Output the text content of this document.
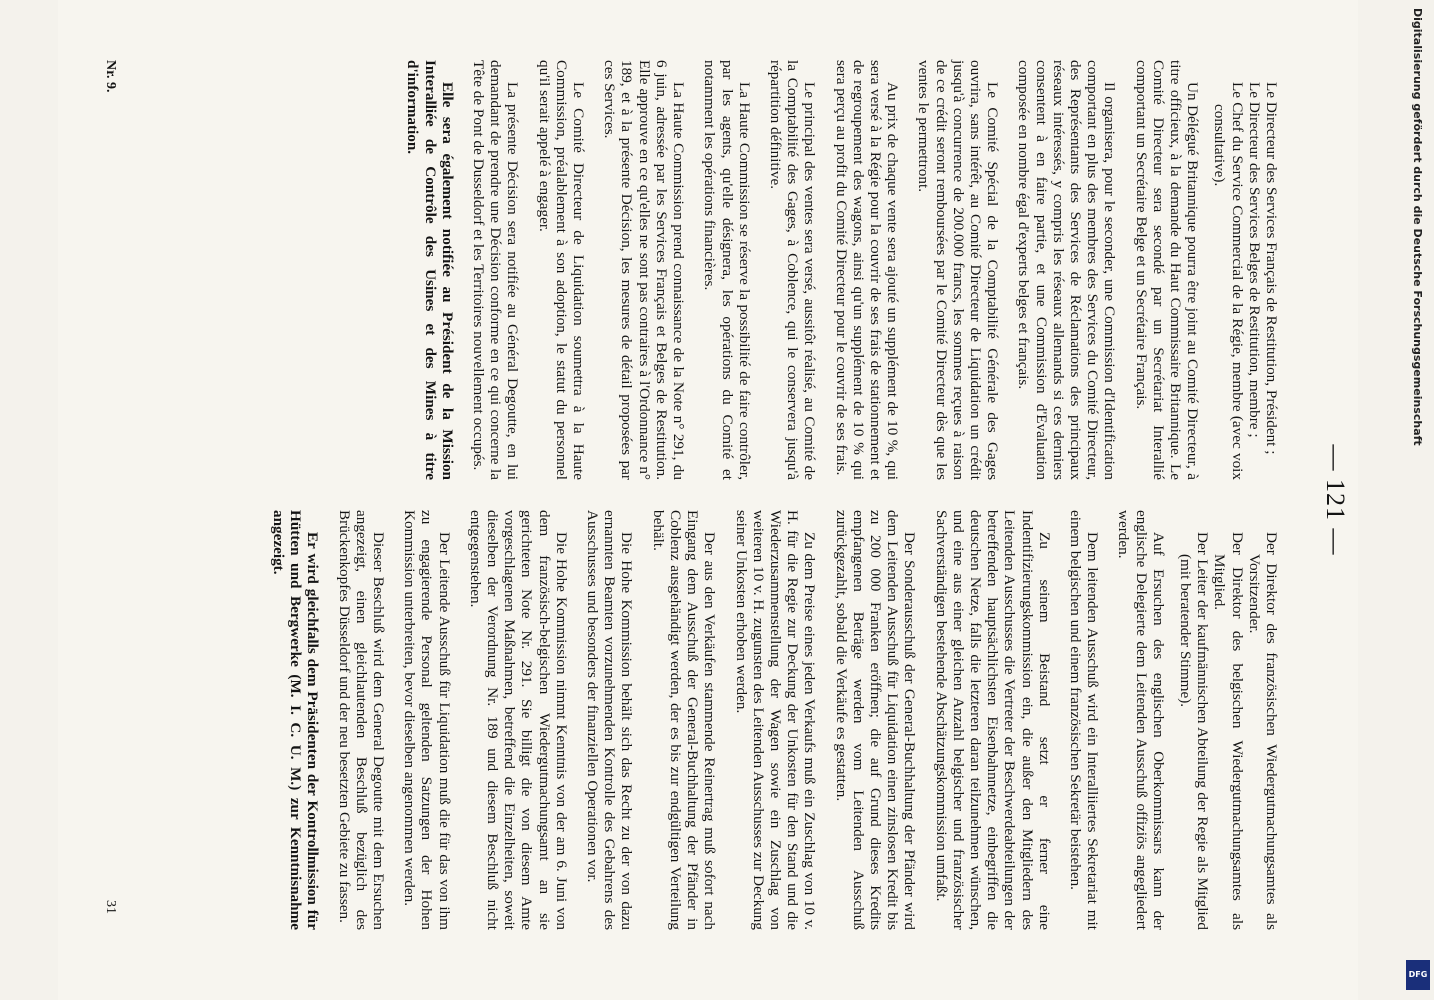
— 121 —

Le Directeur des Services Français de Restitution, Président ;

Le Directeur des Services Belges de Restitution, membre ;

Le Chef du Service Commercial de la Régie, membre (avec voix consultative).

Un Délégué Britannique pourra être joint au Comité Directeur, à titre officieux, à la demande du Haut Commissaire Britannique. Le Comité Directeur sera secondé par un Secrétariat Interallié comportant un Secrétaire Belge et un Secrétaire Français.

Il organisera, pour le seconder, une Commission d'Identification comportant en plus des membres des Services du Comité Directeur, des Représentants des Services de Réclamations des principaux réseaux intéressés, y compris les réseaux allemands si ces derniers consentent à en faire partie, et une Commission d'Evaluation composée en nombre égal d'experts belges et français.

Le Comité Spécial de la Comptabilité Générale des Gages ouvrira, sans intérêt, au Comité Directeur de Liquidation un crédit jusqu'à concurrence de 200.000 francs, les sommes reçues à raison de ce crédit seront remboursées par le Comité Directeur dès que les ventes le permettront.

Au prix de chaque vente sera ajouté un supplément de 10 %, qui sera versé à la Régie pour la couvrir de ses frais de stationnement et de regroupement des wagons, ainsi qu'un supplément de 10 % qui sera perçu au profit du Comité Directeur pour le couvrir de ses frais.

Le principal des ventes sera versé, aussitôt réalisé, au Comité de la Comptabilité des Gages, à Coblence, qui le conservera jusqu'à répartition définitive.

La Haute Commission se réserve la possibilité de faire contrôler, par les agents, qu'elle désignera, les opérations du Comité et notamment les opérations financières.

La Haute Commission prend connaissance de la Note n° 291, du 6 juin, adressée par les Services Français et Belges de Restitution. Elle approuve en ce qu'elles ne sont pas contraires à l'Ordonnance n° 189, et à la présente Décision, les mesures de détail proposées par ces Services.

Le Comité Directeur de Liquidation soumettra à la Haute Commission, préalablement à son adoption, le statut du personnel qu'il serait appelé à engager.

La présente Décision sera notifiée au Général Degoutte, en lui demandant de prendre une Décision conforme en ce qui concerne la Tête de Pont de Dusseldorf et les Territoires nouvellement occupés.

Elle sera également notifiée au Président de la Mission Interalliée de Contrôle des Usines et des Mines à titre d'information.

Der Direktor des französischen Wiedergutmachungsamtes als Vorsitzender.

Der Direktor des belgischen Wiedergutmachungsamtes als Mitglied.

Der Leiter der kaufmännischen Abteilung der Regie als Mitglied (mit beratender Stimme).

Auf Ersuchen des englischen Oberkommissars kann der englische Delegierte dem Leitenden Ausschuß offiziös angegliedert werden.

Dem leitenden Ausschuß wird ein Interalliiertes Sekretariat mit einem belgischen und einem französischen Sekretär beistehen.

Zu seinem Beistand setzt er ferner eine Indentifizierungskommission ein, die außer den Mitgliedern des Leitenden Ausschusses die Vertreter der Beschwerdeabteilungen der betreffenden hauptsächlichsten Eisenbahnnetze, einbegriffen die deutschen Netze, falls die letzteren daran teilzunehmen wünschen, und eine aus einer gleichen Anzahl belgischer und französischer Sachverständigen bestehende Abschätzungskommission umfaßt.

Der Sonderausschuß der General-Buchhaltung der Pfänder wird dem Leitenden Ausschuß für Liquidation einen zinslosen Kredit bis zu 200 000 Franken eröffnen; die auf Grund dieses Kredits empfangenen Beträge werden vom Leitenden Ausschuß zurückgezahlt, sobald die Verkäufe es gestatten.

Zu dem Preise eines jeden Verkaufs muß ein Zuschlag von 10 v. H. für die Regie zur Deckung der Unkosten für den Stand und die Wiederzusammenstellung der Wagen sowie ein Zuschlag von weiteren 10 v. H. zugunsten des Leitenden Ausschusses zur Deckung seiner Unkosten erhoben werden.

Der aus den Verkäufen stammende Reinertrag muß sofort nach Eingang dem Ausschuß der General-Buchhaltung der Pfänder in Coblenz ausgehändigt werden, der es bis zur endgültigen Verteilung behält.

Die Hohe Kommission behält sich das Recht zu der von dazu ernannten Beamten vorzunehmenden Kontrolle des Gebahrens des Ausschusses und besonders der finanziellen Operationen vor.

Die Hohe Kommission nimmt Kenntnis von der am 6. Juni von dem französisch-belgischen Wiedergutmachungsamt an sie gerichteten Note Nr. 291. Sie billigt die von diesem Amte vorgeschlagenen Maßnahmen, betreffend die Einzelheiten, soweit dieselben der Verordnung Nr. 189 und diesem Beschluß nicht entgegenstehen.

Der Leitende Ausschuß für Liquidation muß die für das von ihm zu engagierende Personal geltenden Satzungen der Hohen Kommission unterbreiten, bevor dieselben angenommen werden.

Dieser Beschluß wird dem General Degoutte mit dem Ersuchen angezeigt, einen gleichlautenden Beschluß bezüglich des Brückenkopfes Düsseldorf und der neu besetzten Gebiete zu fassen.

Er wird gleichfalls dem Präsidenten der Kontrollmission für Hütten und Bergwerke (M. I. C. U. M.) zur Kenntnisnahme angezeigt.

Nr. 9.
31
Digitalisierung gefördert durch die Deutsche Forschungsgemeinschaft
DFG
